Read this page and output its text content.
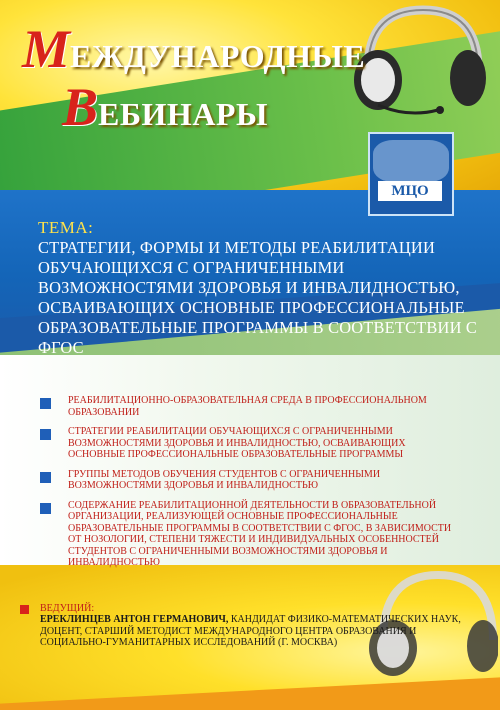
МЕЖДУНАРОДНЫЕ
ВЕБИНАРЫ
МЦО
ТЕМА:
СТРАТЕГИИ, ФОРМЫ И МЕТОДЫ РЕАБИЛИТАЦИИ ОБУЧАЮЩИХСЯ С ОГРАНИЧЕННЫМИ ВОЗМОЖНОСТЯМИ ЗДОРОВЬЯ И ИНВАЛИДНОСТЬЮ, ОСВАИВАЮЩИХ ОСНОВНЫЕ ПРОФЕССИОНАЛЬНЫЕ ОБРАЗОВАТЕЛЬНЫЕ ПРОГРАММЫ В СООТВЕТСТВИИ С ФГОС
РЕАБИЛИТАЦИОННО-ОБРАЗОВАТЕЛЬНАЯ СРЕДА В ПРОФЕССИОНАЛЬНОМ ОБРАЗОВАНИИ
СТРАТЕГИИ РЕАБИЛИТАЦИИ ОБУЧАЮЩИХСЯ С ОГРАНИЧЕННЫМИ ВОЗМОЖНОСТЯМИ ЗДОРОВЬЯ И ИНВАЛИДНОСТЬЮ, ОСВАИВАЮЩИХ ОСНОВНЫЕ ПРОФЕССИОНАЛЬНЫЕ ОБРАЗОВАТЕЛЬНЫЕ ПРОГРАММЫ
ГРУППЫ МЕТОДОВ ОБУЧЕНИЯ СТУДЕНТОВ С ОГРАНИЧЕННЫМИ ВОЗМОЖНОСТЯМИ ЗДОРОВЬЯ И ИНВАЛИДНОСТЬЮ
СОДЕРЖАНИЕ РЕАБИЛИТАЦИОННОЙ ДЕЯТЕЛЬНОСТИ В ОБРАЗОВАТЕЛЬНОЙ ОРГАНИЗАЦИИ, РЕАЛИЗУЮЩЕЙ ОСНОВНЫЕ ПРОФЕССИОНАЛЬНЫЕ ОБРАЗОВАТЕЛЬНЫЕ ПРОГРАММЫ В СООТВЕТСТВИИ С ФГОС, В ЗАВИСИМОСТИ ОТ НОЗОЛОГИИ, СТЕПЕНИ ТЯЖЕСТИ И ИНДИВИДУАЛЬНЫХ ОСОБЕННОСТЕЙ СТУДЕНТОВ С ОГРАНИЧЕННЫМИ ВОЗМОЖНОСТЯМИ ЗДОРОВЬЯ И ИНВАЛИДНОСТЬЮ
ВЕДУЩИЙ:
ЕРЕКЛИНЦЕВ АНТОН ГЕРМАНОВИЧ, КАНДИДАТ ФИЗИКО-МАТЕМАТИЧЕСКИХ НАУК, ДОЦЕНТ, СТАРШИЙ МЕТОДИСТ МЕЖДУНАРОДНОГО ЦЕНТРА ОБРАЗОВАНИЯ И СОЦИАЛЬНО-ГУМАНИТАРНЫХ ИССЛЕДОВАНИЙ (Г. МОСКВА)
